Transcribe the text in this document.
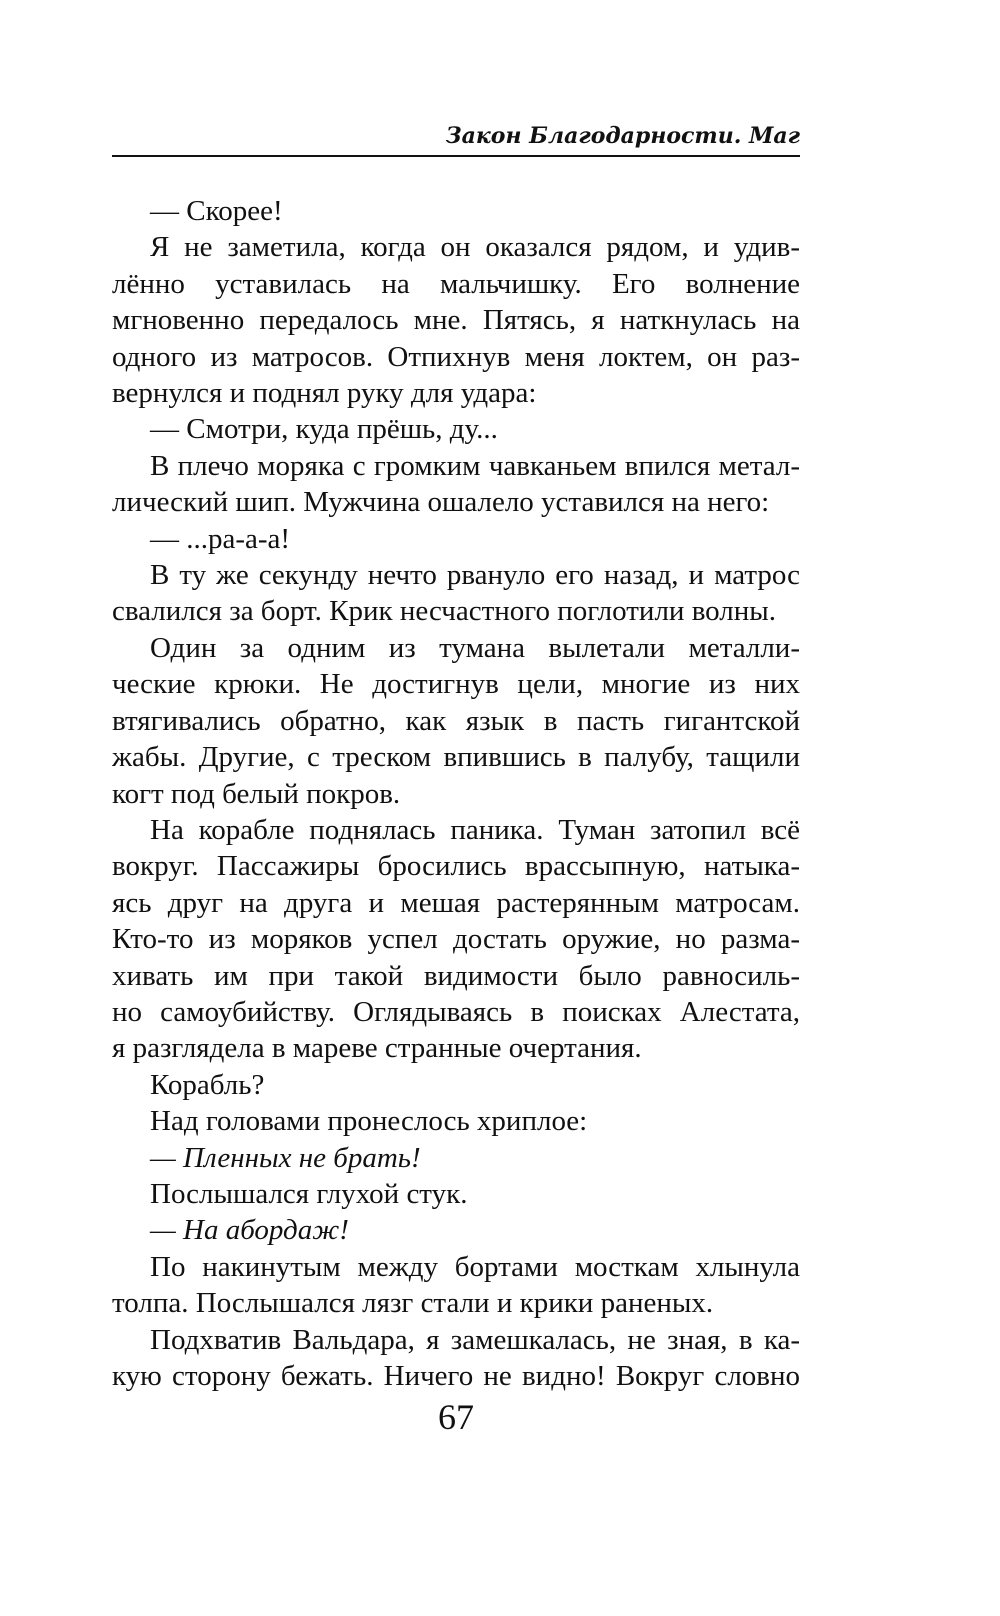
Закон Благодарности. Маг
— Скорее!
Я не заметила, когда он оказался рядом, и удив-
лённо уставилась на мальчишку. Его волнение
мгновенно передалось мне. Пятясь, я наткнулась на
одного из матросов. Отпихнув меня локтем, он раз-
вернулся и поднял руку для удара:
— Смотри, куда прёшь, ду...
В плечо моряка с громким чавканьем впился метал-
лический шип. Мужчина ошалело уставился на него:
— ...ра-а-а!
В ту же секунду нечто рвануло его назад, и матрос
свалился за борт. Крик несчастного поглотили волны.
Один за одним из тумана вылетали металли-
ческие крюки. Не достигнув цели, многие из них
втягивались обратно, как язык в пасть гигантской
жабы. Другие, с треском впившись в палубу, тащили
когт под белый покров.
На корабле поднялась паника. Туман затопил всё
вокруг. Пассажиры бросились врассыпную, натыка-
ясь друг на друга и мешая растерянным матросам.
Кто-то из моряков успел достать оружие, но разма-
хивать им при такой видимости было равносиль-
но самоубийству. Оглядываясь в поисках Алестата,
я разглядела в мареве странные очертания.
Корабль?
Над головами пронеслось хриплое:
— Пленных не брать!
Послышался глухой стук.
— На абордаж!
По накинутым между бортами мосткам хлынула
толпа. Послышался лязг стали и крики раненых.
Подхватив Вальдара, я замешкалась, не зная, в ка-
кую сторону бежать. Ничего не видно! Вокруг словно
67
